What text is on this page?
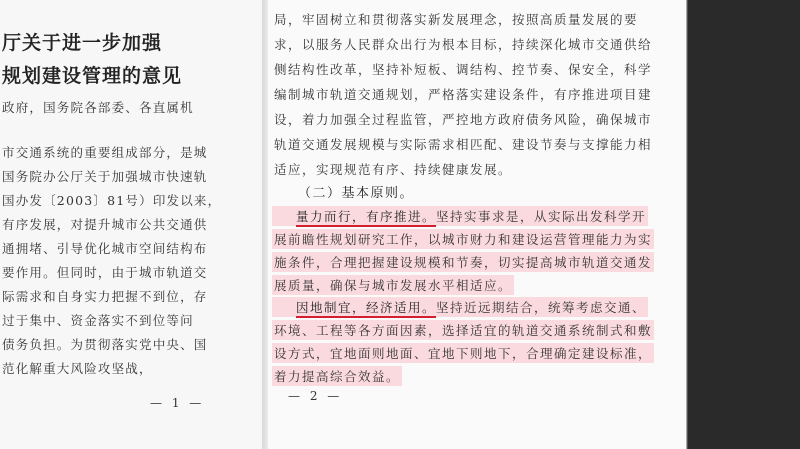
厅关于进一步加强
规划建设管理的意见
政府，国务院各部委、各直属机
市交通系统的重要组成部分，是城
国务院办公厅关于加强城市快速轨
国办发〔2003〕81号）印发以来，
有序发展，对提升城市公共交通供
通拥堵、引导优化城市空间结构布
要作用。但同时，由于城市轨道交
际需求和自身实力把握不到位，存
过于集中、资金落实不到位等问
债务负担。为贯彻落实党中央、国
范化解重大风险攻坚战，
— 1 —
局，牢固树立和贯彻落实新发展理念，按照高质量发展的要
求，以服务人民群众出行为根本目标，持续深化城市交通供给
侧结构性改革，坚持补短板、调结构、控节奏、保安全，科学
编制城市轨道交通规划，严格落实建设条件，有序推进项目建
设，着力加强全过程监管，严控地方政府债务风险，确保城市
轨道交通发展规模与实际需求相匹配、建设节奏与支撑能力相
适应，实现规范有序、持续健康发展。
（二）基本原则。
量力而行，有序推进。坚持实事求是，从实际出发科学开
展前瞻性规划研究工作，以城市财力和建设运营管理能力为实
施条件，合理把握建设规模和节奏，切实提高城市轨道交通发
展质量，确保与城市发展水平相适应。
因地制宜，经济适用。坚持近远期结合，统筹考虑交通、
环境、工程等各方面因素，选择适宜的轨道交通系统制式和敷
设方式，宜地面则地面、宜地下则地下，合理确定建设标准，
着力提高综合效益。
— 2 —
